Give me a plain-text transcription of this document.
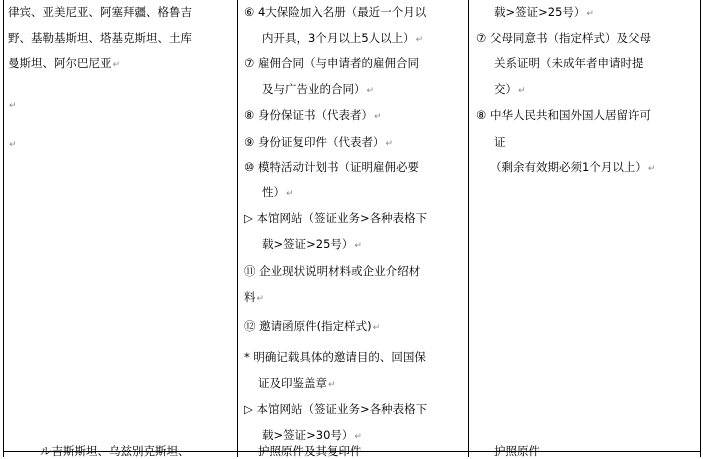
律宾、亚美尼亚、阿塞拜疆、格鲁吉
野、基勒基斯坦、塔基克斯坦、土库
曼斯坦、阿尔巴尼亚↵
↵
↵
⑥ 4大保险加入名册（最近一个月以
内开具，3个月以上5人以上）↵
⑦ 雇佣合同（与申请者的雇佣合同
及与广告业的合同）↵
⑧ 身份保证书（代表者）↵
⑨ 身份证复印件（代表者）↵
⑩ 模特活动计划书（证明雇佣必要
性）↵
▷ 本馆网站（签证业务>各种表格下
载>签证>25号）↵
⑪ 企业现状说明材料或企业介绍材
料↵
⑫ 邀请函原件(指定样式)↵
* 明确记载具体的邀请目的、回国保
证及印鉴盖章↵
▷ 本馆网站（签证业务>各种表格下
载>签证>30号）↵
载>签证>25号）↵
⑦ 父母同意书（指定样式）及父母
关系证明（未成年者申请时提
交）↵
⑧ 中华人民共和国外国人居留许可
证
（剩余有效期必须1个月以上）↵
ル吉斯斯坦、乌兹别克斯坦、	护照原件及其复印件	护照原件
